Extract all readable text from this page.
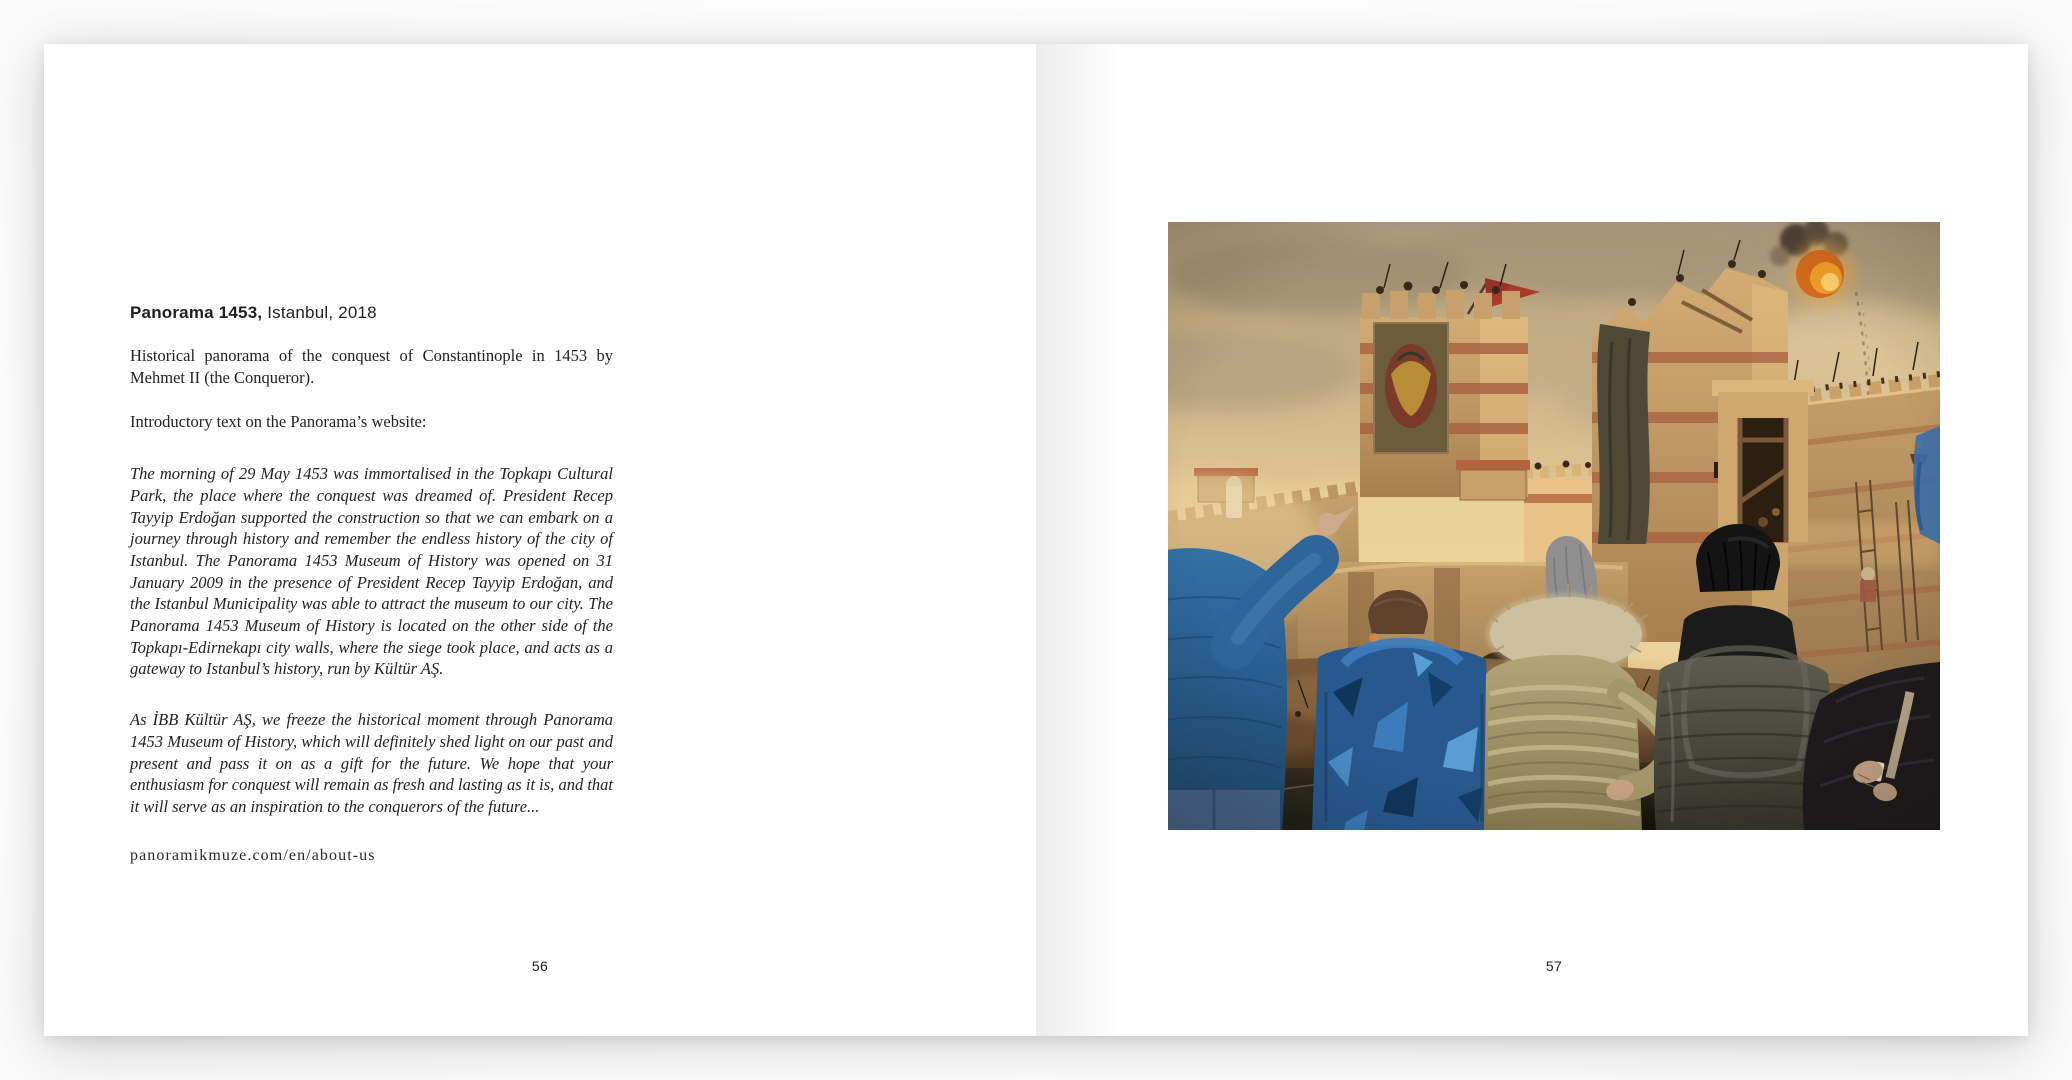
Panorama 1453, Istanbul, 2018

Historical panorama of the conquest of Constantinople in 1453 by Mehmet II (the Conqueror).

Introductory text on the Panorama’s website:

The morning of 29 May 1453 was immortalised in the Topkapı Cultural Park, the place where the conquest was dreamed of. President Recep Tayyip Erdoğan supported the construction so that we can embark on a journey through history and remember the endless history of the city of Istanbul. The Panorama 1453 Museum of History was opened on 31 January 2009 in the presence of President Recep Tayyip Erdoğan, and the Istanbul Municipality was able to attract the museum to our city. The Panorama 1453 Museum of History is located on the other side of the Topkapı-Edirnekapı city walls, where the siege took place, and acts as a gateway to Istanbul’s history, run by Kültür AŞ.

As İBB Kültür AŞ, we freeze the historical moment through Panorama 1453 Museum of History, which will definitely shed light on our past and present and pass it on as a gift for the future. We hope that your enthusiasm for conquest will remain as fresh and lasting as it is, and that it will serve as an inspiration to the conquerors of the future...

panoramikmuze.com/en/about-us

56	57
